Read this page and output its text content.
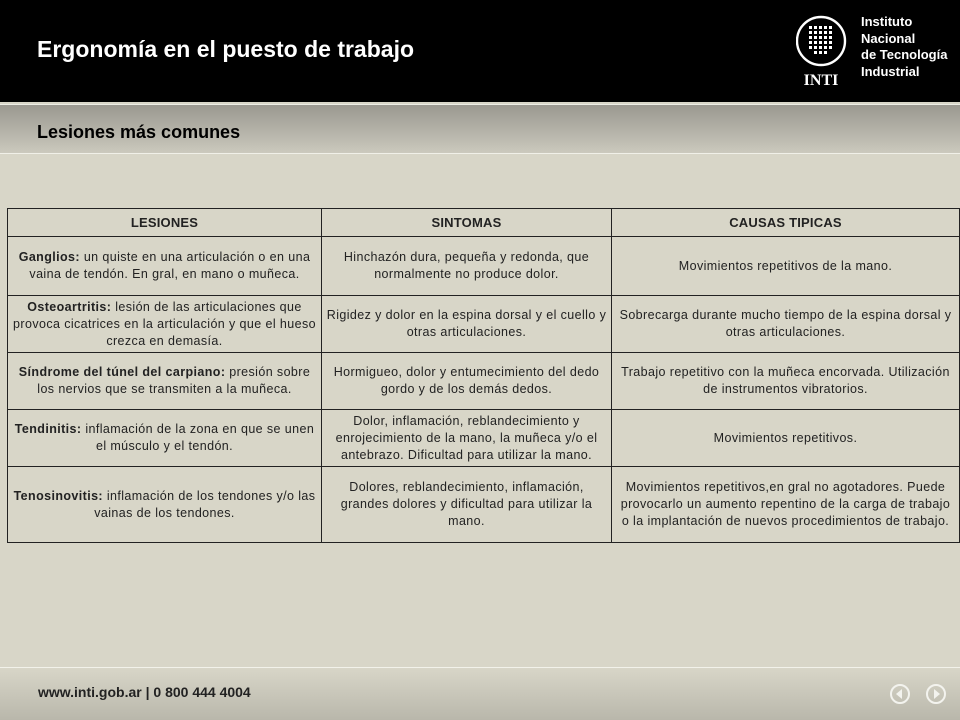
Ergonomía en el puesto de trabajo
INTI
Instituto
Nacional
de Tecnología
Industrial
Lesiones más comunes
LESIONES	SINTOMAS	CAUSAS TIPICAS
Ganglios: un quiste en una articulación o en una vaina de tendón. En gral, en mano o muñeca.	Hinchazón dura, pequeña y redonda, que normalmente no produce dolor.	Movimientos repetitivos de la mano.
Osteoartritis: lesión de las articulaciones que provoca cicatrices en la articulación y que el hueso crezca en demasía.	Rigidez y dolor en la espina dorsal y el cuello y otras articulaciones.	Sobrecarga durante mucho tiempo de la espina dorsal y otras articulaciones.
Síndrome del túnel del carpiano: presión sobre los nervios que se transmiten a la muñeca.	Hormigueo, dolor y entumecimiento del dedo gordo y de los demás dedos.	Trabajo repetitivo con la muñeca encorvada. Utilización de instrumentos vibratorios.
Tendinitis: inflamación de la zona en que se unen el músculo y el tendón.	Dolor, inflamación, reblandecimiento y enrojecimiento de la mano, la muñeca y/o el antebrazo. Dificultad para utilizar la mano.	Movimientos repetitivos.
Tenosinovitis: inflamación de los tendones y/o las vainas de los tendones.	Dolores, reblandecimiento, inflamación, grandes dolores y dificultad para utilizar la mano.	Movimientos repetitivos,en gral no agotadores. Puede provocarlo un aumento repentino de la carga de trabajo o la implantación de nuevos procedimientos de trabajo.
www.inti.gob.ar | 0 800 444 4004
